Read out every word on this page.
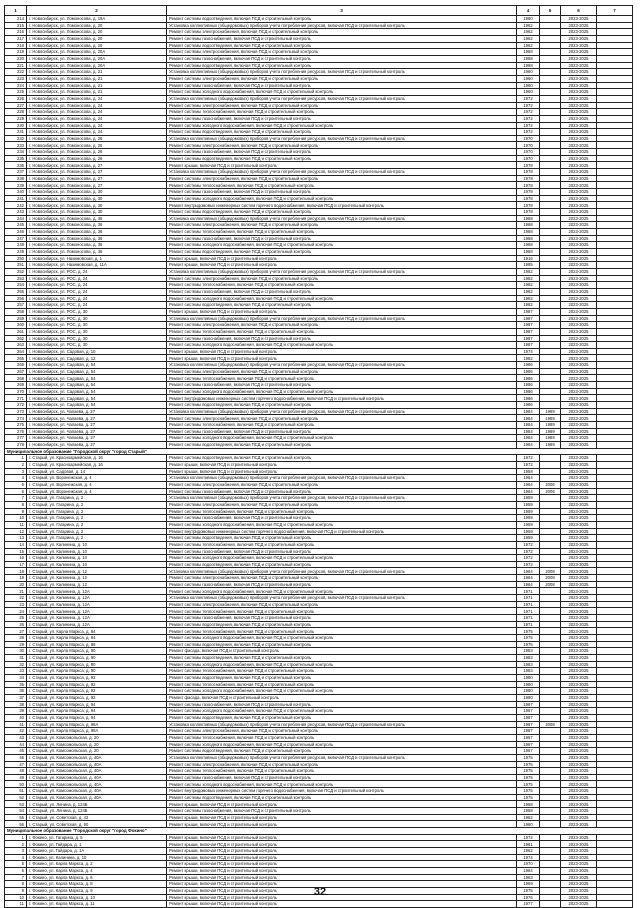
1	2	3	4	5	6	7
214	г. Новосибирск, ул. Ломоносова, д. 19А	Ремонт системы водоотведения, включая ПСД и строительный контроль	1960		2023-2025	
215	г. Новосибирск, ул. Ломоносова, д. 20	Установка коллективных (общедомовых) приборов учета потребления ресурсов, включая ПСД и строительный контроль	1962		2023-2025	
216	г. Новосибирск, ул. Ломоносова, д. 20	Ремонт системы электроснабжения, включая ПСД и строительный контроль	1962		2023-2025	
217	г. Новосибирск, ул. Ломоносова, д. 20	Ремонт системы газоснабжения, включая ПСД и строительный контроль	1962		2023-2025	
218	г. Новосибирск, ул. Ломоносова, д. 20	Ремонт системы водоотведения, включая ПСД и строительный контроль	1962		2023-2025	
219	г. Новосибирск, ул. Ломоносова, д. 20А	Ремонт системы электроснабжения, включая ПСД и строительный контроль	1968		2023-2025	
220	г. Новосибирск, ул. Ломоносова, д. 20А	Ремонт системы газоснабжения, включая ПСД и строительный контроль	1968		2023-2025	
221	г. Новосибирск, ул. Ломоносова, д. 20А	Ремонт системы водоотведения, включая ПСД и строительный контроль	1968		2023-2025	
222	г. Новосибирск, ул. Ломоносова, д. 21	Установка коллективных (общедомовых) приборов учета потребления ресурсов, включая ПСД и строительный контроль	1960		2023-2025	
223	г. Новосибирск, ул. Ломоносова, д. 21	Ремонт системы электроснабжения, включая ПСД и строительный контроль	1960		2023-2025	
224	г. Новосибирск, ул. Ломоносова, д. 21	Ремонт системы газоснабжения, включая ПСД и строительный контроль	1960		2023-2025	
225	г. Новосибирск, ул. Ломоносова, д. 21	Ремонт системы холодного водоснабжения, включая ПСД и строительный контроль	1960		2023-2025	
226	г. Новосибирск, ул. Ломоносова, д. 24	Установка коллективных (общедомовых) приборов учета потребления ресурсов, включая ПСД и строительный контроль	1972		2023-2025	
227	г. Новосибирск, ул. Ломоносова, д. 24	Ремонт системы электроснабжения, включая ПСД и строительный контроль	1972		2023-2025	
228	г. Новосибирск, ул. Ломоносова, д. 24	Ремонт системы теплоснабжения, включая ПСД и строительный контроль	1972		2023-2025	
229	г. Новосибирск, ул. Ломоносова, д. 24	Ремонт системы газоснабжения, включая ПСД и строительный контроль	1972		2023-2025	
230	г. Новосибирск, ул. Ломоносова, д. 24	Ремонт системы холодного водоснабжения, включая ПСД и строительный контроль	1972		2023-2025	
231	г. Новосибирск, ул. Ломоносова, д. 24	Ремонт системы водоотведения, включая ПСД и строительный контроль	1972		2023-2025	
232	г. Новосибирск, ул. Ломоносова, д. 26	Установка коллективных (общедомовых) приборов учета потребления ресурсов, включая ПСД и строительный контроль	1970		2023-2025	
233	г. Новосибирск, ул. Ломоносова, д. 26	Ремонт системы электроснабжения, включая ПСД и строительный контроль	1970		2023-2025	
234	г. Новосибирск, ул. Ломоносова, д. 26	Ремонт системы газоснабжения, включая ПСД и строительный контроль	1970		2023-2025	
235	г. Новосибирск, ул. Ломоносова, д. 26	Ремонт системы водоотведения, включая ПСД и строительный контроль	1970		2023-2025	
236	г. Новосибирск, ул. Ломоносова, д. 27	Ремонт крыши, включая ПСД и строительный контроль	1978		2023-2025	
237	г. Новосибирск, ул. Ломоносова, д. 27	Установка коллективных (общедомовых) приборов учета потребления ресурсов, включая ПСД и строительный контроль	1978		2023-2025	
238	г. Новосибирск, ул. Ломоносова, д. 27	Ремонт системы электроснабжения, включая ПСД и строительный контроль	1978		2023-2025	
239	г. Новосибирск, ул. Ломоносова, д. 27	Ремонт системы теплоснабжения, включая ПСД и строительный контроль	1978		2023-2025	
240	г. Новосибирск, ул. Ломоносова, д. 30	Ремонт системы газоснабжения, включая ПСД и строительный контроль	1978		2023-2025	
241	г. Новосибирск, ул. Ломоносова, д. 30	Ремонт системы холодного водоснабжения, включая ПСД и строительный контроль	1978		2023-2025	
242	г. Новосибирск, ул. Ломоносова, д. 30	Ремонт внутридомовых инженерных систем горячего водоснабжения, включая ПСД и строительный контроль	1978		2023-2025	
243	г. Новосибирск, ул. Ломоносова, д. 30	Ремонт системы водоотведения, включая ПСД и строительный контроль	1978		2023-2025	
244	г. Новосибирск, ул. Ломоносова, д. 36	Установка коллективных (общедомовых) приборов учета потребления ресурсов, включая ПСД и строительный контроль	1968		2023-2025	
245	г. Новосибирск, ул. Ломоносова, д. 36	Ремонт системы электроснабжения, включая ПСД и строительный контроль	1968		2023-2025	
246	г. Новосибирск, ул. Ломоносова, д. 36	Ремонт системы теплоснабжения, включая ПСД и строительный контроль	1968		2023-2025	
247	г. Новосибирск, ул. Ломоносова, д. 36	Ремонт системы газоснабжения, включая ПСД и строительный контроль	1968		2023-2025	
248	г. Новосибирск, ул. Ломоносова, д. 36	Ремонт системы холодного водоснабжения, включая ПСД и строительный контроль	1968		2023-2025	
249	г. Новосибирск, ул. Ломоносова, д. 36	Ремонт системы водоотведения, включая ПСД и строительный контроль	1968		2023-2025	
250	г. Новосибирск, ул. Нахимовская, д. 1	Ремонт крыши, включая ПСД и строительный контроль	1916		2023-2025	
251	г. Новосибирск, ул. Нахимовская, д. 11А	Ремонт крыши, включая ПСД и строительный контроль	1985		2023-2025	
252	г. Новосибирск, ул. РОС, д. 24	Установка коллективных (общедомовых) приборов учета потребления ресурсов, включая ПСД и строительный контроль	1982		2023-2025	
253	г. Новосибирск, ул. РОС, д. 24	Ремонт системы электроснабжения, включая ПСД и строительный контроль	1982		2023-2025	
254	г. Новосибирск, ул. РОС, д. 24	Ремонт системы теплоснабжения, включая ПСД и строительный контроль	1982		2023-2025	
255	г. Новосибирск, ул. РОС, д. 24	Ремонт системы газоснабжения, включая ПСД и строительный контроль	1982		2023-2025	
256	г. Новосибирск, ул. РОС, д. 24	Ремонт системы холодного водоснабжения, включая ПСД и строительный контроль	1982		2023-2025	
257	г. Новосибирск, ул. РОС, д. 24	Ремонт системы водоотведения, включая ПСД и строительный контроль	1982		2023-2025	
258	г. Новосибирск, ул. РОС, д. 30	Ремонт крыши, включая ПСД и строительный контроль	1987		2023-2025	
259	г. Новосибирск, ул. РОС, д. 30	Установка коллективных (общедомовых) приборов учета потребления ресурсов, включая ПСД и строительный контроль	1987		2023-2025	
260	г. Новосибирск, ул. РОС, д. 30	Ремонт системы электроснабжения, включая ПСД и строительный контроль	1987		2023-2025	
261	г. Новосибирск, ул. РОС, д. 30	Ремонт системы теплоснабжения, включая ПСД и строительный контроль	1987		2023-2025	
262	г. Новосибирск, ул. РОС, д. 30	Ремонт системы газоснабжения, включая ПСД и строительный контроль	1987		2023-2025	
263	г. Новосибирск, ул. РОС, д. 30	Ремонт системы холодного водоснабжения, включая ПСД и строительный контроль	1987		2023-2025	
264	г. Новосибирск, ул. Садовая, д. 10	Ремонт крыши, включая ПСД и строительный контроль	1974		2023-2025	
265	г. Новосибирск, ул. Садовая, д. 12	Ремонт крыши, включая ПСД и строительный контроль	1982		2023-2025	
266	г. Новосибирск, ул. Садовая, д. 54	Установка коллективных (общедомовых) приборов учета потребления ресурсов, включая ПСД и строительный контроль	1986		2023-2025	
267	г. Новосибирск, ул. Садовая, д. 54	Ремонт системы электроснабжения, включая ПСД и строительный контроль	1986		2023-2025	
268	г. Новосибирск, ул. Садовая, д. 54	Ремонт системы теплоснабжения, включая ПСД и строительный контроль	1986		2023-2025	
269	г. Новосибирск, ул. Садовая, д. 54	Ремонт системы газоснабжения, включая ПСД и строительный контроль	1986		2023-2025	
270	г. Новосибирск, ул. Садовая, д. 54	Ремонт системы холодного водоснабжения, включая ПСД и строительный контроль	1986		2023-2025	
271	г. Новосибирск, ул. Садовая, д. 54	Ремонт внутридомовых инженерных систем горячего водоснабжения, включая ПСД и строительный контроль	1986		2023-2025	
272	г. Новосибирск, ул. Садовая, д. 54	Ремонт системы водоотведения, включая ПСД и строительный контроль	1986		2023-2025	
273	г. Новосибирск, ул. Чапаева, д. 27	Установка коллективных (общедомовых) приборов учета потребления ресурсов, включая ПСД и строительный контроль	1984	1989	2023-2025	
274	г. Новосибирск, ул. Чапаева, д. 27	Ремонт системы электроснабжения, включая ПСД и строительный контроль	1984	1989	2023-2025	
275	г. Новосибирск, ул. Чапаева, д. 27	Ремонт системы теплоснабжения, включая ПСД и строительный контроль	1984	1989	2023-2025	
276	г. Новосибирск, ул. Чапаева, д. 27	Ремонт системы газоснабжения, включая ПСД и строительный контроль	1984	1989	2023-2025	
277	г. Новосибирск, ул. Чапаева, д. 27	Ремонт системы холодного водоснабжения, включая ПСД и строительный контроль	1984	1989	2023-2025	
278	г. Новосибирск, ул. Чапаева, д. 27	Ремонт системы водоотведения, включая ПСД и строительный контроль	1984	1989	2023-2025	
Муниципальное образование "Городской округ "город Старый"						
1	г. Старый, ул. Красноармейская, д. 16	Ремонт системы водоотведения, включая ПСД и строительный контроль	1972		2023-2025	
2	г. Старый, ул. Красноармейская, д. 16	Ремонт крыши, включая ПСД и строительный контроль	1972		2023-2025	
3	г. Старый, ул. Садовая, д. 14	Ремонт крыши, включая ПСД и строительный контроль	1958		2023-2025	
4	г. Старый, ул. Воронежская, д. 4	Установка коллективных (общедомовых) приборов учета потребления ресурсов, включая ПСД и строительный контроль	1964		2023-2025	
5	г. Старый, ул. Воронежская, д. 4	Ремонт системы электроснабжения, включая ПСД и строительный контроль	1964	2006	2023-2025	
6	г. Старый, ул. Воронежская, д. 4	Ремонт системы газоснабжения, включая ПСД и строительный контроль	1964	2006	2023-2025	
7	г. Старый, ул. Гагарина, д. 2	Установка коллективных (общедомовых) приборов учета потребления ресурсов, включая ПСД и строительный контроль	1959		2023-2025	
8	г. Старый, ул. Гагарина, д. 2	Ремонт системы электроснабжения, включая ПСД и строительный контроль	1959		2023-2025	
9	г. Старый, ул. Гагарина, д. 2	Ремонт системы теплоснабжения, включая ПСД и строительный контроль	1959		2023-2025	
10	г. Старый, ул. Гагарина, д. 2	Ремонт системы газоснабжения, включая ПСД и строительный контроль	1959		2023-2025	
11	г. Старый, ул. Гагарина, д. 2	Ремонт системы холодного водоснабжения, включая ПСД и строительный контроль	1959		2023-2025	
12	г. Старый, ул. Гагарина, д. 2	Ремонт внутридомовых инженерных систем горячего водоснабжения, включая ПСД и строительный контроль	1959		2023-2025	
13	г. Старый, ул. Гагарина, д. 2	Ремонт системы водоотведения, включая ПСД и строительный контроль	1959		2023-2025	
14	г. Старый, ул. Калинина, д. 10	Ремонт системы теплоснабжения, включая ПСД и строительный контроль	1972		2023-2025	
15	г. Старый, ул. Калинина, д. 10	Ремонт системы газоснабжения, включая ПСД и строительный контроль	1972		2023-2025	
16	г. Старый, ул. Калинина, д. 10	Ремонт системы холодного водоснабжения, включая ПСД и строительный контроль	1972		2023-2025	
17	г. Старый, ул. Калинина, д. 10	Ремонт системы водоотведения, включая ПСД и строительный контроль	1972		2023-2025	
18	г. Старый, ул. Калинина, д. 12	Установка коллективных (общедомовых) приборов учета потребления ресурсов, включая ПСД и строительный контроль	1964	2008	2023-2025	
19	г. Старый, ул. Калинина, д. 12	Ремонт системы электроснабжения, включая ПСД и строительный контроль	1964	2008	2023-2025	
20	г. Старый, ул. Калинина, д. 12	Ремонт системы газоснабжения, включая ПСД и строительный контроль	1964	2008	2023-2025	
21	г. Старый, ул. Калинина, д. 12А	Ремонт системы холодного водоснабжения, включая ПСД и строительный контроль	1971		2023-2025	
22	г. Старый, ул. Калинина, д. 12А	Установка коллективных (общедомовых) приборов учета потребления ресурсов, включая ПСД и строительный контроль	1971		2023-2025	
23	г. Старый, ул. Калинина, д. 12А	Ремонт системы электроснабжения, включая ПСД и строительный контроль	1971		2023-2025	
24	г. Старый, ул. Калинина, д. 12А	Ремонт системы теплоснабжения, включая ПСД и строительный контроль	1971		2023-2025	
25	г. Старый, ул. Калинина, д. 12А	Ремонт системы газоснабжения, включая ПСД и строительный контроль	1971		2023-2025	
26	г. Старый, ул. Калинина, д. 12А	Ремонт системы водоотведения, включая ПСД и строительный контроль	1971		2023-2025	
27	г. Старый, ул. Карла Маркса, д. 84	Ремонт системы теплоснабжения, включая ПСД и строительный контроль	1975		2023-2025	
28	г. Старый, ул. Карла Маркса, д. 84	Ремонт системы холодного водоснабжения, включая ПСД и строительный контроль	1975		2023-2025	
29	г. Старый, ул. Карла Маркса, д. 86	Ремонт системы водоотведения, включая ПСД и строительный контроль	1975		2023-2025	
30	г. Старый, ул. Карла Маркса, д. 90	Ремонт фасада, включая ПСД и строительный контроль	1983		2023-2025	
31	г. Старый, ул. Карла Маркса, д. 90	Ремонт системы водоотведения, включая ПСД и строительный контроль	1983		2023-2025	
32	г. Старый, ул. Карла Маркса, д. 90	Ремонт системы холодного водоснабжения, включая ПСД и строительный контроль	1983		2023-2025	
33	г. Старый, ул. Карла Маркса, д. 90	Ремонт системы теплоснабжения, включая ПСД и строительный контроль	1983		2023-2025	
34	г. Старый, ул. Карла Маркса, д. 92	Ремонт системы водоотведения, включая ПСД и строительный контроль	1980		2023-2025	
35	г. Старый, ул. Карла Маркса, д. 92	Ремонт системы теплоснабжения, включая ПСД и строительный контроль	1980		2023-2025	
36	г. Старый, ул. Карла Маркса, д. 92	Ремонт системы холодного водоснабжения, включая ПСД и строительный контроль	1980		2023-2025	
37	г. Старый, ул. Карла Маркса, д. 92	Ремонт фасада, включая ПСД и строительный контроль	1980		2023-2025	
38	г. Старый, ул. Карла Маркса, д. 94	Ремонт системы газоснабжения, включая ПСД и строительный контроль	1967		2023-2025	
39	г. Старый, ул. Карла Маркса, д. 94	Ремонт системы холодного водоснабжения, включая ПСД и строительный контроль	1967		2023-2025	
40	г. Старый, ул. Карла Маркса, д. 94	Ремонт системы водоотведения, включая ПСД и строительный контроль	1967		2023-2025	
41	г. Старый, ул. Карла Маркса, д. 98А	Установка коллективных (общедомовых) приборов учета потребления ресурсов, включая ПСД и строительный контроль	1987	2008	2023-2025	
42	г. Старый, ул. Карла Маркса, д. 98А	Ремонт системы электроснабжения, включая ПСД и строительный контроль	1987		2023-2025	
43	г. Старый, ул. Комсомольская, д. 20	Ремонт системы теплоснабжения, включая ПСД и строительный контроль	1967		2023-2025	
44	г. Старый, ул. Комсомольская, д. 20	Ремонт системы холодного водоснабжения, включая ПСД и строительный контроль	1967		2023-2025	
45	г. Старый, ул. Комсомольская, д. 20	Ремонт системы водоотведения, включая ПСД и строительный контроль	1967		2023-2025	
46	г. Старый, ул. Комсомольская, д. 40А	Установка коллективных (общедомовых) приборов учета потребления ресурсов, включая ПСД и строительный контроль	1975		2023-2025	
47	г. Старый, ул. Комсомольская, д. 40А	Ремонт системы электроснабжения, включая ПСД и строительный контроль	1975		2023-2025	
48	г. Старый, ул. Комсомольская, д. 40А	Ремонт системы теплоснабжения, включая ПСД и строительный контроль	1975		2023-2025	
49	г. Старый, ул. Комсомольская, д. 40А	Ремонт системы газоснабжения, включая ПСД и строительный контроль	1975		2023-2025	
50	г. Старый, ул. Комсомольская, д. 40А	Ремонт системы холодного водоснабжения, включая ПСД и строительный контроль	1975		2023-2025	
51	г. Старый, ул. Комсомольская, д. 40А	Ремонт внутридомовых инженерных систем горячего водоснабжения, включая ПСД и строительный контроль	1975		2023-2025	
52	г. Старый, ул. Комсомольская, д. 40А	Ремонт системы водоотведения, включая ПСД и строительный контроль	1975		2023-2025	
53	г. Старый, ул. Ленина, д. 124Б	Ремонт крыши, включая ПСД и строительный контроль	1958		2023-2025	
54	г. Старый, ул. Ленина, д. 124Б	Ремонт системы газоснабжения, включая ПСД и строительный контроль	1958		2023-2025	
55	г. Старый, ул. Советская, д. 42	Ремонт крыши, включая ПСД и строительный контроль	1962		2023-2025	
56	г. Старый, ул. Советская, д. 50	Ремонт крыши, включая ПСД и строительный контроль	1960		2023-2025	
Муниципальное образование "Городской округ "город Фокино"						
1	г. Фокино, ул. Гагарина, д. 5	Ремонт крыши, включая ПСД и строительный контроль	1972		2023-2025	
2	г. Фокино, ул. Гайдара, д. 1	Ремонт крыши, включая ПСД и строительный контроль	1961		2023-2025	
3	г. Фокино, ул. Гайдара, д. 1А	Ремонт крыши, включая ПСД и строительный контроль	1962		2023-2025	
4	г. Фокино, ул. Калинина, д. 10	Ремонт крыши, включая ПСД и строительный контроль	1974		2023-2025	
5	г. Фокино, ул. Карла Маркса, д. 2	Ремонт крыши, включая ПСД и строительный контроль	1970		2023-2025	
6	г. Фокино, ул. Карла Маркса, д. 4	Ремонт крыши, включая ПСД и строительный контроль	1964		2023-2025	
7	г. Фокино, ул. Карла Маркса, д. 6	Ремонт крыши, включая ПСД и строительный контроль	1963		2023-2025	
8	г. Фокино, ул. Карла Маркса, д. 8	Ремонт крыши, включая ПСД и строительный контроль	1969		2023-2025	
9	г. Фокино, ул. Карла Маркса, д. 9	Ремонт крыши, включая ПСД и строительный контроль	1975		2023-2025	
10	г. Фокино, ул. Карла Маркса, д. 10	Ремонт крыши, включая ПСД и строительный контроль	1976		2023-2025	
11	г. Фокино, ул. Карла Маркса, д. 11	Ремонт крыши, включая ПСД и строительный контроль	1977		2023-2025	
32
